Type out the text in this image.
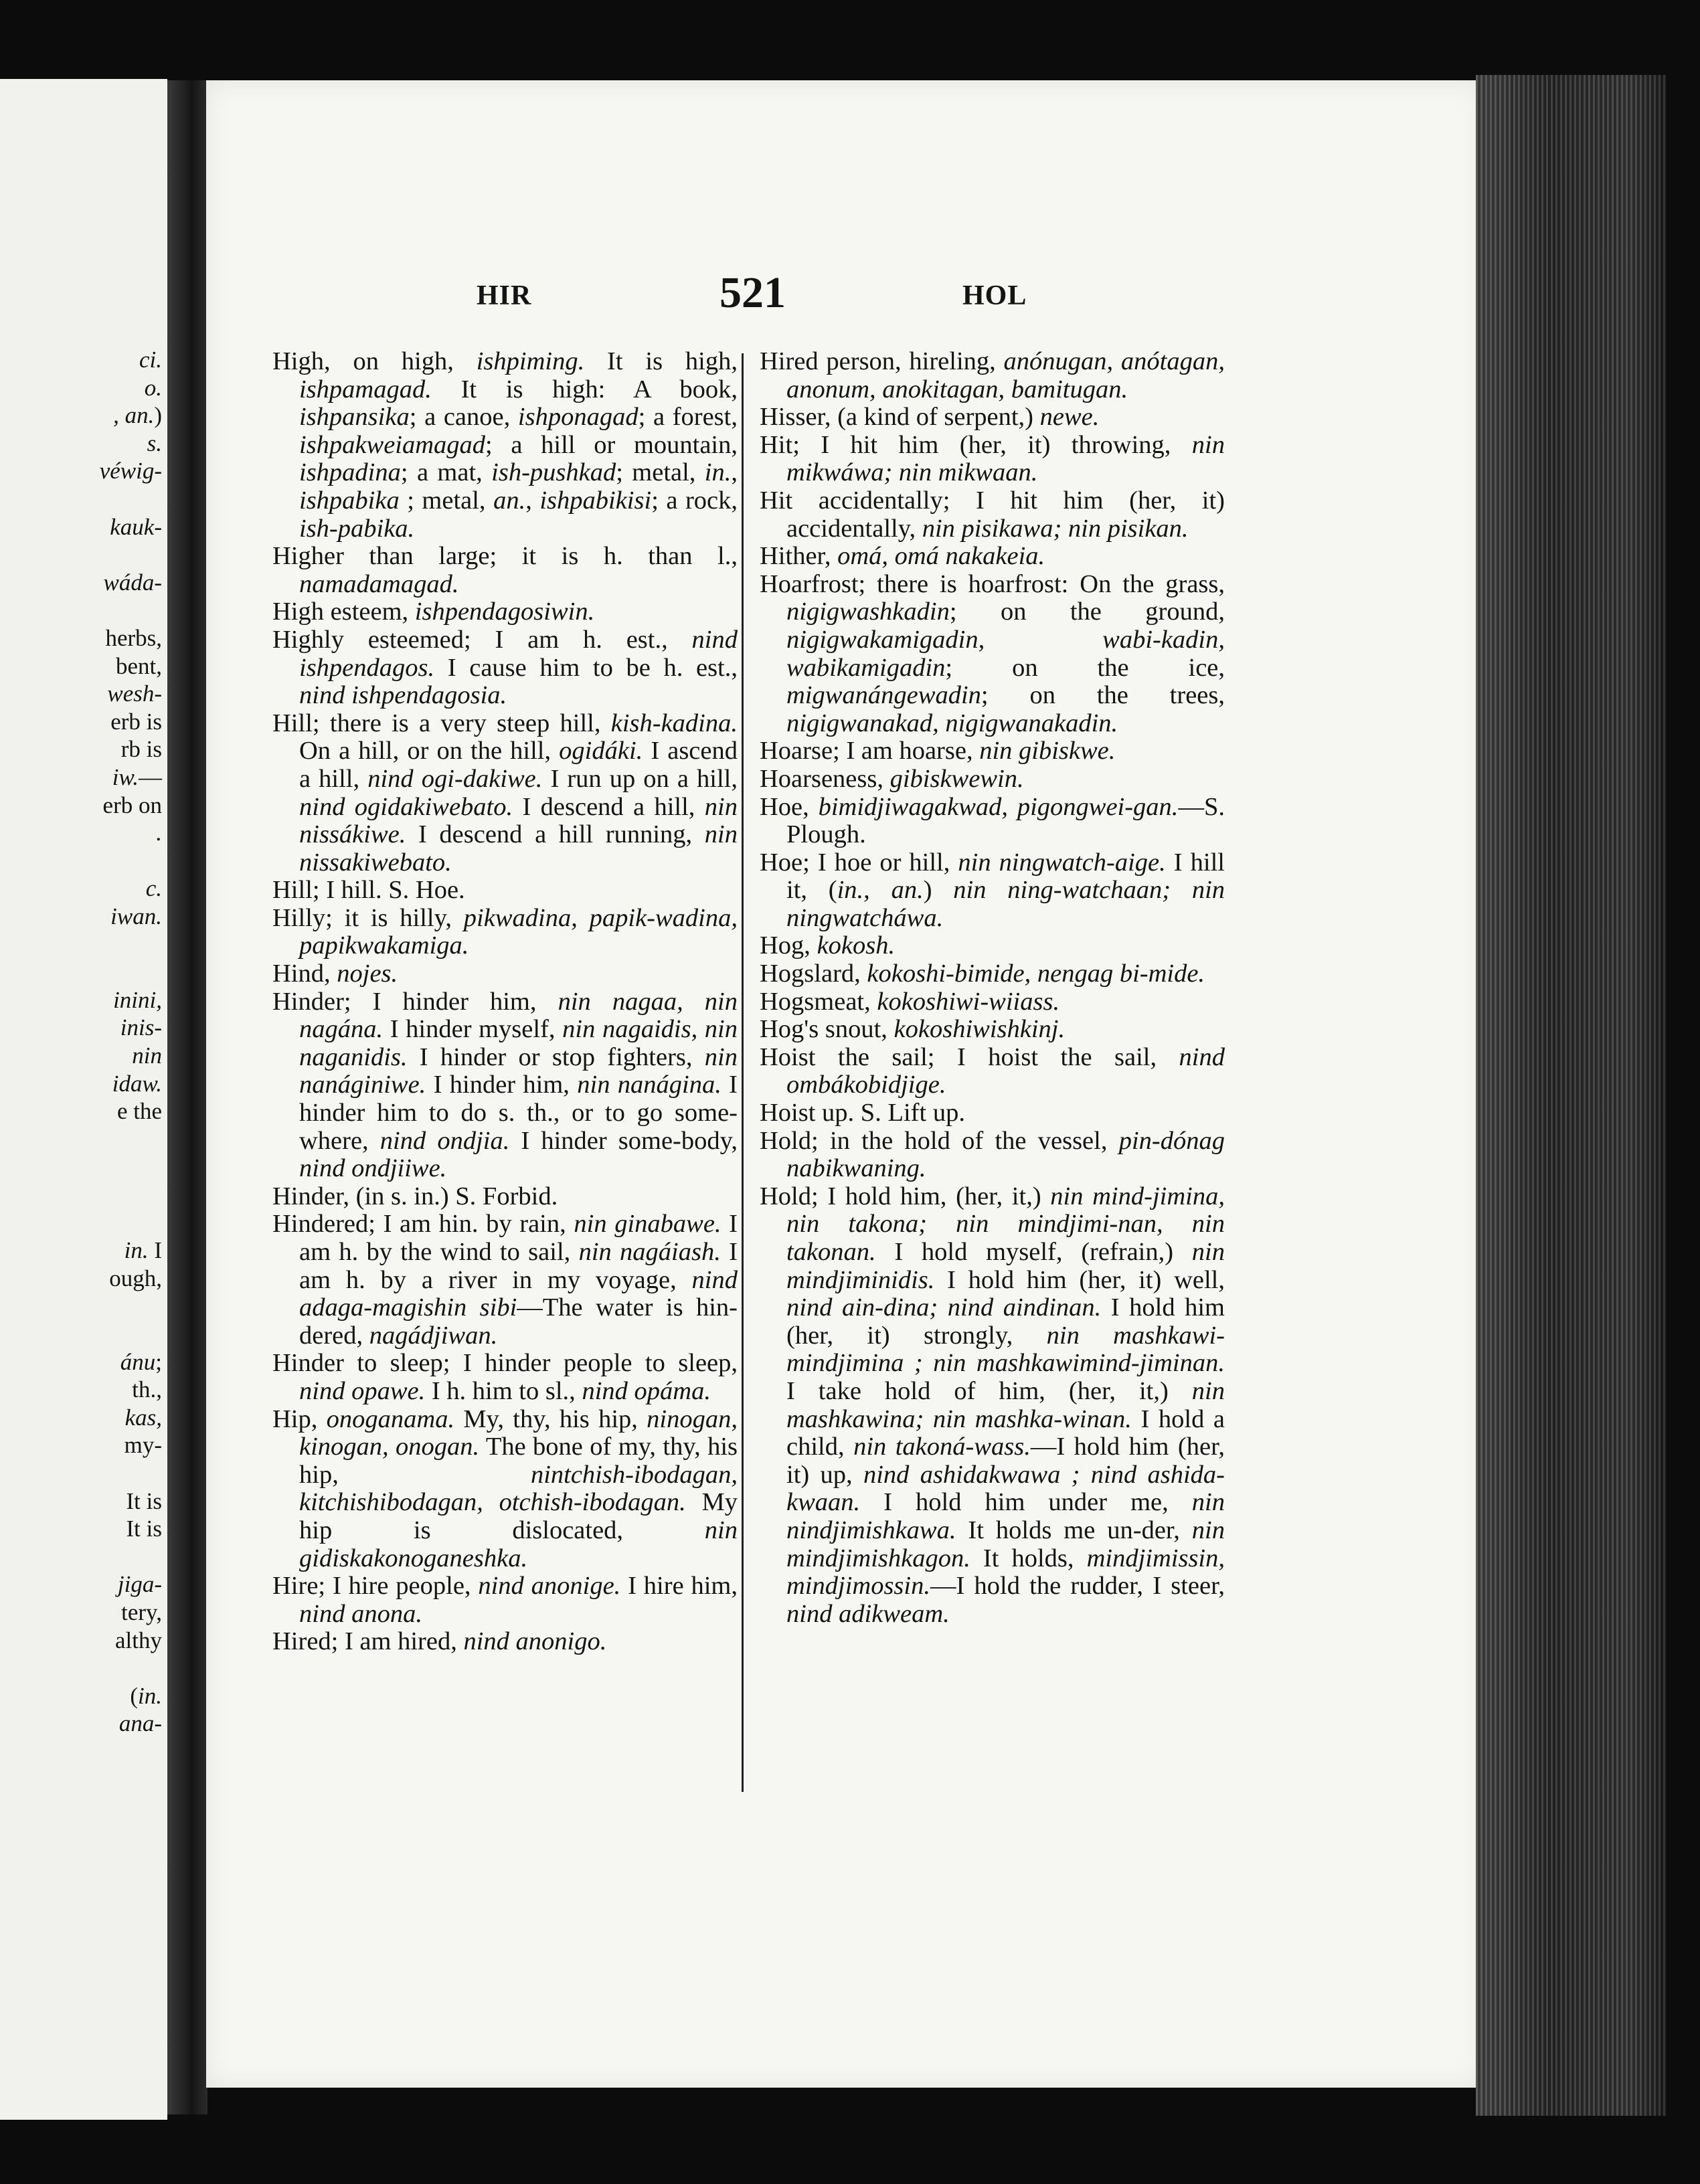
ci.
o.
, an.)
s.
véwig-
kauk-
wáda-
herbs,
bent,
wesh-
erb is
rb is
iw.—
erb on
.
c.
iwan.
inini,
inis-
nin
idaw.
e the
in. I
ough,
ánu;
th.,
kas,
my-
It is
It is
jiga-
tery,
althy
(in.
ana-
HIR	521	HOL
High, on high, ishpiming. It is high, ishpamagad. It is high: A book, ishpansika; a canoe, ishponagad; a forest, ishpakweiamagad; a hill or mountain, ishpadina; a mat, ish-pushkad; metal, in., ishpabika ; metal, an., ishpabikisi; a rock, ish-pabika.
Higher than large; it is h. than l., namadamagad.
High esteem, ishpendagosiwin.
Highly esteemed; I am h. est., nind ishpendagos. I cause him to be h. est., nind ishpendagosia.
Hill; there is a very steep hill, kish-kadina. On a hill, or on the hill, ogidáki. I ascend a hill, nind ogi-dakiwe. I run up on a hill, nind ogidakiwebato. I descend a hill, nin nissákiwe. I descend a hill running, nin nissakiwebato.
Hill; I hill. S. Hoe.
Hilly; it is hilly, pikwadina, papik-wadina, papikwakamiga.
Hind, nojes.
Hinder; I hinder him, nin nagaa, nin nagána. I hinder myself, nin nagaidis, nin naganidis. I hinder or stop fighters, nin nanáginiwe. I hinder him, nin nanágina. I hinder him to do s. th., or to go some-where, nind ondjia. I hinder some-body, nind ondjiiwe.
Hinder, (in s. in.) S. Forbid.
Hindered; I am hin. by rain, nin ginabawe. I am h. by the wind to sail, nin nagáiash. I am h. by a river in my voyage, nind adaga-magishin sibi—The water is hin-dered, nagádjiwan.
Hinder to sleep; I hinder people to sleep, nind opawe. I h. him to sl., nind opáma.
Hip, onoganama. My, thy, his hip, ninogan, kinogan, onogan. The bone of my, thy, his hip, nintchish-ibodagan, kitchishibodagan, otchish-ibodagan. My hip is dislocated, nin gidiskakonoganeshka.
Hire; I hire people, nind anonige. I hire him, nind anona.
Hired; I am hired, nind anonigo.
Hired person, hireling, anónugan, anótagan, anonum, anokitagan, bamitugan.
Hisser, (a kind of serpent,) newe.
Hit; I hit him (her, it) throwing, nin mikwáwa; nin mikwaan.
Hit accidentally; I hit him (her, it) accidentally, nin pisikawa; nin pisikan.
Hither, omá, omá nakakeia.
Hoarfrost; there is hoarfrost: On the grass, nigigwashkadin; on the ground, nigigwakamigadin, wabi-kadin, wabikamigadin; on the ice, migwanángewadin; on the trees, nigigwanakad, nigigwanakadin.
Hoarse; I am hoarse, nin gibiskwe.
Hoarseness, gibiskwewin.
Hoe, bimidjiwagakwad, pigongwei-gan.—S. Plough.
Hoe; I hoe or hill, nin ningwatch-aige. I hill it, (in., an.) nin ning-watchaan; nin ningwatcháwa.
Hog, kokosh.
Hogslard, kokoshi-bimide, nengag bi-mide.
Hogsmeat, kokoshiwi-wiiass.
Hog's snout, kokoshiwishkinj.
Hoist the sail; I hoist the sail, nind ombákobidjige.
Hoist up. S. Lift up.
Hold; in the hold of the vessel, pin-dónag nabikwaning.
Hold; I hold him, (her, it,) nin mind-jimina, nin takona; nin mindjimi-nan, nin takonan. I hold myself, (refrain,) nin mindjiminidis. I hold him (her, it) well, nind ain-dina; nind aindinan. I hold him (her, it) strongly, nin mashkawi-mindjimina ; nin mashkawimind-jiminan. I take hold of him, (her, it,) nin mashkawina; nin mashka-winan. I hold a child, nin takoná-wass.—I hold him (her, it) up, nind ashidakwawa ; nind ashida-kwaan. I hold him under me, nin nindjimishkawa. It holds me un-der, nin mindjimishkagon. It holds, mindjimissin, mindjimossin.—I hold the rudder, I steer, nind adikweam.
